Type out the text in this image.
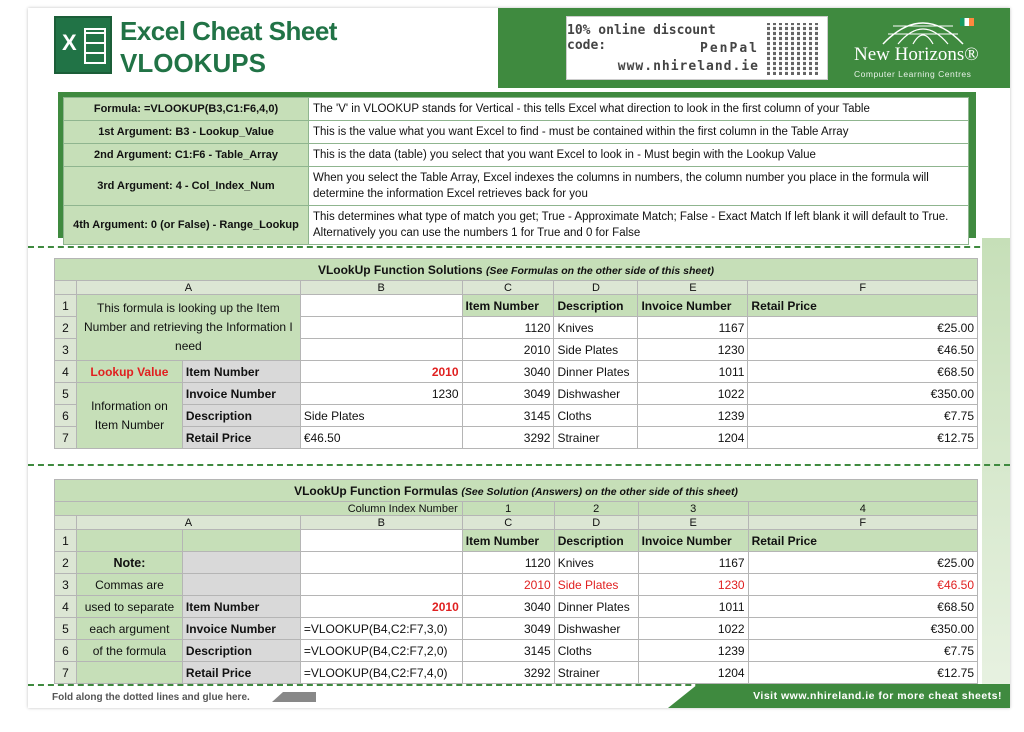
X Excel Cheat Sheet
VLOOKUPS
10% online discount code:	PenPal
www.nhireland.ie
New Horizons®
Computer Learning Centres
Formula: =VLOOKUP(B3,C1:F6,4,0)	The 'V' in VLOOKUP stands for Vertical - this tells Excel what direction to look in the first column of your Table
1st Argument: B3 - Lookup_Value	This is the value what you want Excel to find - must be contained within the first column in the Table Array
2nd Argument: C1:F6 - Table_Array	This is the data (table) you select that you want Excel to look in - Must begin with the Lookup Value
3rd Argument: 4 - Col_Index_Num	When you select the Table Array, Excel indexes the columns in numbers, the column number you place in the formula will determine the information Excel retrieves back for you
4th Argument: 0 (or False) - Range_Lookup	This determines what type of match you get; True - Approximate Match; False - Exact Match If left blank it will default to True. Alternatively you can use the numbers 1 for True and 0 for False
VLookUp Function Solutions (See Formulas on the other side of this sheet)							
	A		B	C	D	E	F
1	This formula is looking up the Item Number and retrieving the Information I need			Item Number	Description	Invoice Number	Retail Price
2				1120	Knives	1167	€25.00
3				2010	Side Plates	1230	€46.50
4	Lookup Value	Item Number	2010	3040	Dinner Plates	1011	€68.50
5	Information on Item Number	Invoice Number	1230	3049	Dishwasher	1022	€350.00
6		Description	Side Plates	3145	Cloths	1239	€7.75
7		Retail Price	€46.50	3292	Strainer	1204	€12.75
VLookUp Function Formulas (See Solution (Answers) on the other side of this sheet)							
Column Index Number				1	2	3	4
	A		B	C	D	E	F
1				Item Number	Description	Invoice Number	Retail Price
2	Note:			1120	Knives	1167	€25.00
3	Commas are			2010	Side Plates	1230	€46.50
4	used to separate	Item Number	2010	3040	Dinner Plates	1011	€68.50
5	each argument	Invoice Number	=VLOOKUP(B4,C2:F7,3,0)	3049	Dishwasher	1022	€350.00
6	of the formula	Description	=VLOOKUP(B4,C2:F7,2,0)	3145	Cloths	1239	€7.75
7		Retail Price	=VLOOKUP(B4,C2:F7,4,0)	3292	Strainer	1204	€12.75
Fold along the dotted lines and glue here.	Visit www.nhireland.ie for more cheat sheets!
